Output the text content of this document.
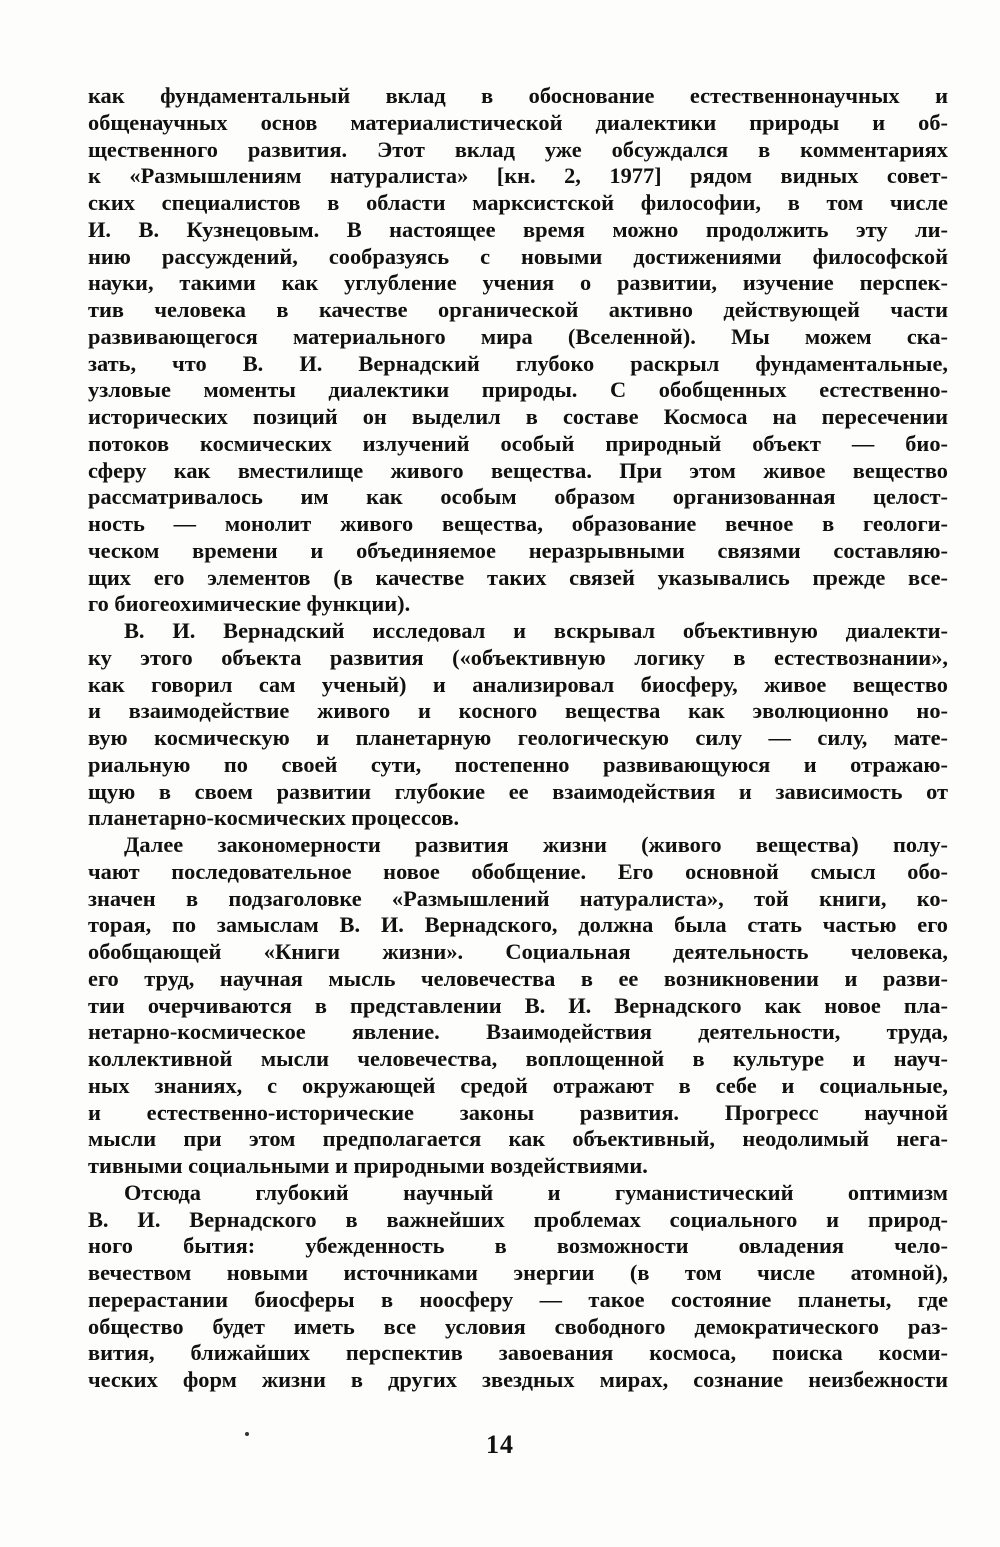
как фундаментальный вклад в обоснование естественнонаучных и
общенаучных основ материалистической диалектики природы и об-
щественного развития. Этот вклад уже обсуждался в комментариях
к «Размышлениям натуралиста» [кн. 2, 1977] рядом видных совет-
ских специалистов в области марксистской философии, в том числе
И. В. Кузнецовым. В настоящее время можно продолжить эту ли-
нию рассуждений, сообразуясь с новыми достижениями философской
науки, такими как углубление учения о развитии, изучение перспек-
тив человека в качестве органической активно действующей части
развивающегося материального мира (Вселенной). Мы можем ска-
зать, что В. И. Вернадский глубоко раскрыл фундаментальные,
узловые моменты диалектики природы. С обобщенных естественно-
исторических позиций он выделил в составе Космоса на пересечении
потоков космических излучений особый природный объект — био-
сферу как вместилище живого вещества. При этом живое вещество
рассматривалось им как особым образом организованная целост-
ность — монолит живого вещества, образование вечное в геологи-
ческом времени и объединяемое неразрывными связями составляю-
щих его элементов (в качестве таких связей указывались прежде все-
го биогеохимические функции).
В. И. Вернадский исследовал и вскрывал объективную диалекти-
ку этого объекта развития («объективную логику в естествознании»,
как говорил сам ученый) и анализировал биосферу, живое вещество
и взаимодействие живого и косного вещества как эволюционно но-
вую космическую и планетарную геологическую силу — силу, мате-
риальную по своей сути, постепенно развивающуюся и отражаю-
щую в своем развитии глубокие ее взаимодействия и зависимость от
планетарно-космических процессов.
Далее закономерности развития жизни (живого вещества) полу-
чают последовательное новое обобщение. Его основной смысл обо-
значен в подзаголовке «Размышлений натуралиста», той книги, ко-
торая, по замыслам В. И. Вернадского, должна была стать частью его
обобщающей «Книги жизни». Социальная деятельность человека,
его труд, научная мысль человечества в ее возникновении и разви-
тии очерчиваются в представлении В. И. Вернадского как новое пла-
нетарно-космическое явление. Взаимодействия деятельности, труда,
коллективной мысли человечества, воплощенной в культуре и науч-
ных знаниях, с окружающей средой отражают в себе и социальные,
и естественно-исторические законы развития. Прогресс научной
мысли при этом предполагается как объективный, неодолимый нега-
тивными социальными и природными воздействиями.
Отсюда глубокий научный и гуманистический оптимизм
В. И. Вернадского в важнейших проблемах социального и природ-
ного бытия: убежденность в возможности овладения чело-
вечеством новыми источниками энергии (в том числе атомной),
перерастании биосферы в ноосферу — такое состояние планеты, где
общество будет иметь все условия свободного демократического раз-
вития, ближайших перспектив завоевания космоса, поиска косми-
ческих форм жизни в других звездных мирах, сознание неизбежности
14
